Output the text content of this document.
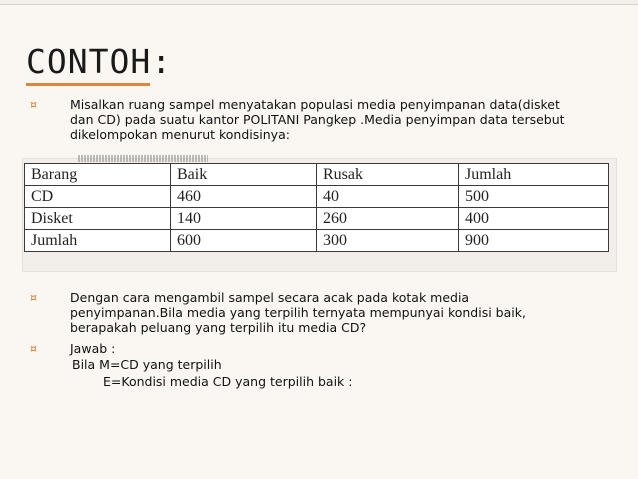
CONTOH:
¤	Misalkan ruang sampel menyatakan populasi media penyimpanan data(disket
dan CD) pada suatu kantor POLITANI Pangkep .Media penyimpan data tersebut
dikelompokan menurut kondisinya:
Barang	Baik	Rusak	Jumlah
CD	460	40	500
Disket	140	260	400
Jumlah	600	300	900
¤	Dengan cara mengambil sampel secara acak pada kotak media
penyimpanan.Bila media yang terpilih ternyata mempunyai kondisi baik,
berapakah peluang yang terpilih itu media CD?
¤	Jawab :
Bila M=CD yang terpilih
E=Kondisi media CD yang terpilih baik :
